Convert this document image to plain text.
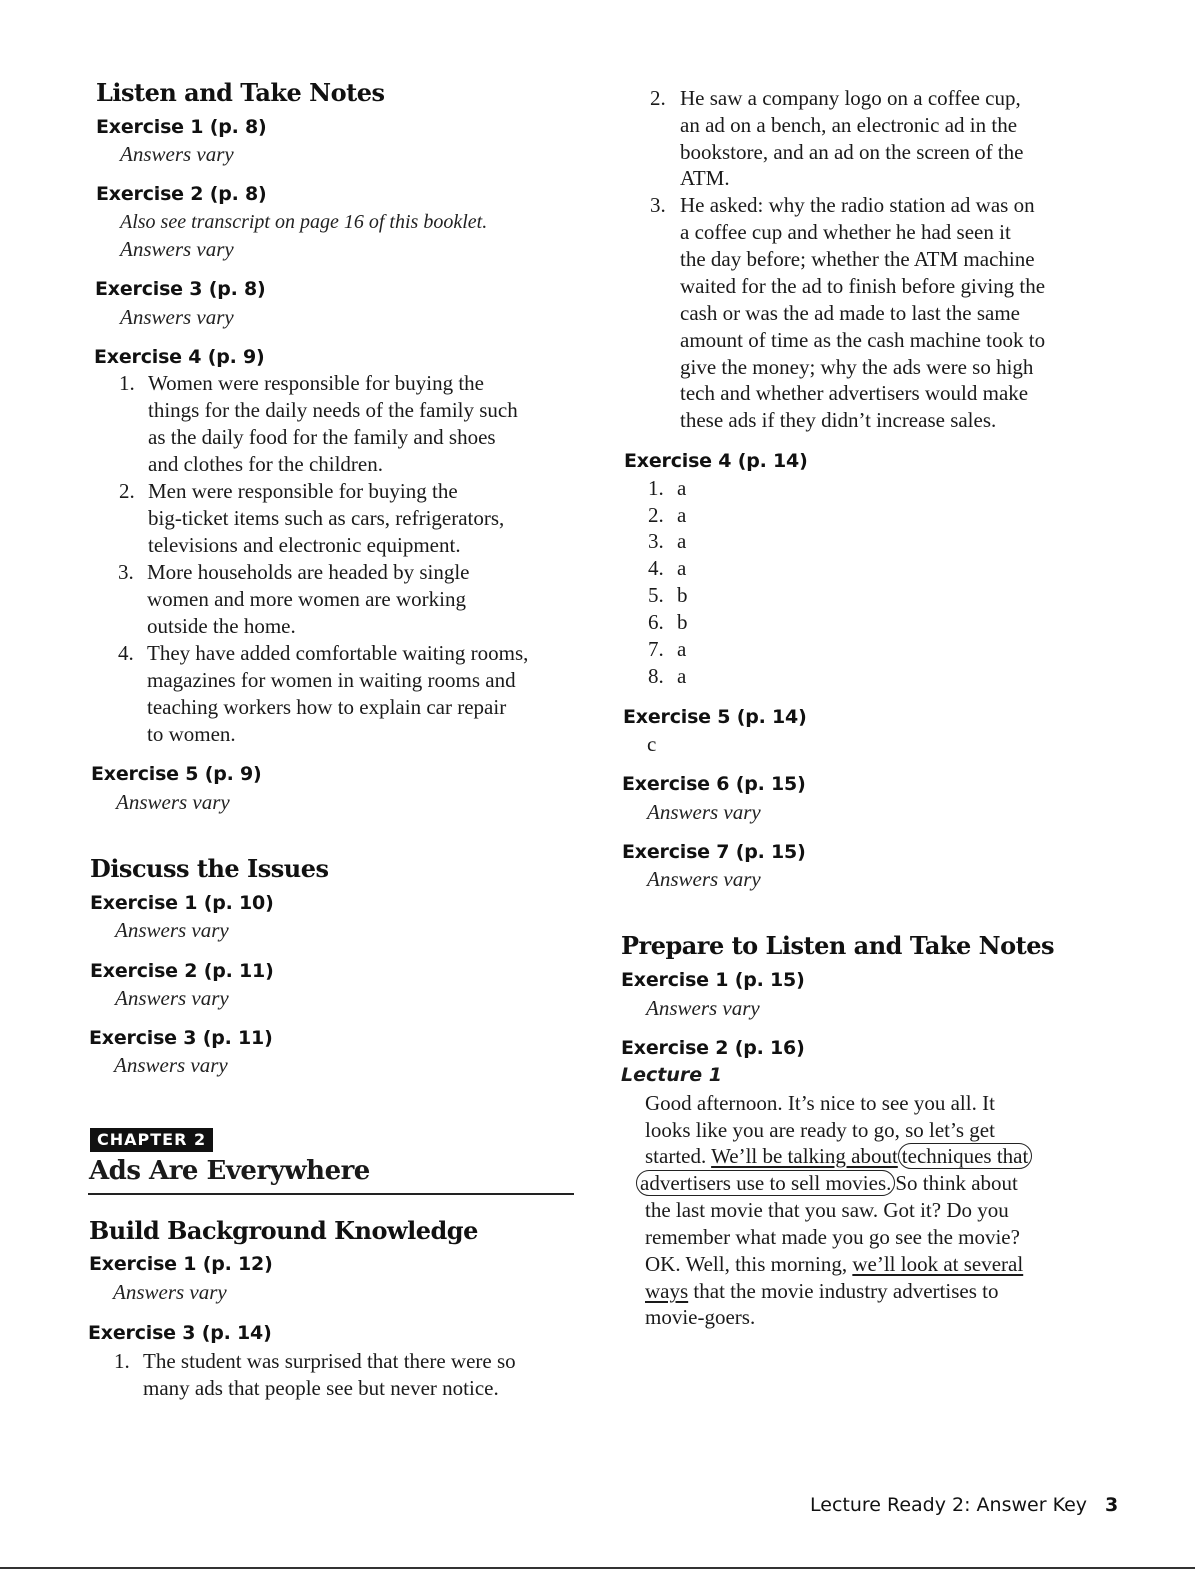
Listen and Take Notes
Exercise 1 (p. 8)
Answers vary
Exercise 2 (p. 8)
Also see transcript on page 16 of this booklet.
Answers vary
Exercise 3 (p. 8)
Answers vary
Exercise 4 (p. 9)
1. Women were responsible for buying the
things for the daily needs of the family such
as the daily food for the family and shoes
and clothes for the children.
2. Men were responsible for buying the
big-ticket items such as cars, refrigerators,
televisions and electronic equipment.
3. More households are headed by single
women and more women are working
outside the home.
4. They have added comfortable waiting rooms,
magazines for women in waiting rooms and
teaching workers how to explain car repair
to women.
Exercise 5 (p. 9)
Answers vary
Discuss the Issues
Exercise 1 (p. 10)
Answers vary
Exercise 2 (p. 11)
Answers vary
Exercise 3 (p. 11)
Answers vary
CHAPTER 2
Ads Are Everywhere
Build Background Knowledge
Exercise 1 (p. 12)
Answers vary
Exercise 3 (p. 14)
1. The student was surprised that there were so
many ads that people see but never notice.
2. He saw a company logo on a coffee cup,
an ad on a bench, an electronic ad in the
bookstore, and an ad on the screen of the
ATM.
3. He asked: why the radio station ad was on
a coffee cup and whether he had seen it
the day before; whether the ATM machine
waited for the ad to finish before giving the
cash or was the ad made to last the same
amount of time as the cash machine took to
give the money; why the ads were so high
tech and whether advertisers would make
these ads if they didn’t increase sales.
Exercise 4 (p. 14)
1. a
2. a
3. a
4. a
5. b
6. b
7. a
8. a
Exercise 5 (p. 14)
c
Exercise 6 (p. 15)
Answers vary
Exercise 7 (p. 15)
Answers vary
Prepare to Listen and Take Notes
Exercise 1 (p. 15)
Answers vary
Exercise 2 (p. 16)
Lecture 1
Good afternoon. It’s nice to see you all. It
looks like you are ready to go, so let’s get
started. We’ll be talking about techniques that
advertisers use to sell movies. So think about
the last movie that you saw. Got it? Do you
remember what made you go see the movie?
OK. Well, this morning, we’ll look at several
ways that the movie industry advertises to
movie-goers.
Lecture Ready 2: Answer Key 3
